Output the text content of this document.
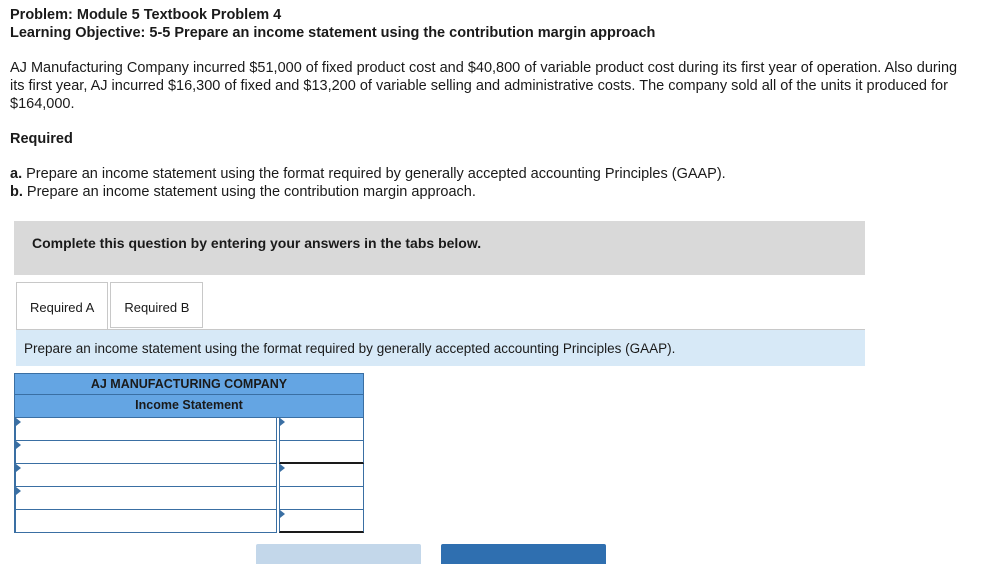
Problem: Module 5 Textbook Problem 4
Learning Objective: 5-5 Prepare an income statement using the contribution margin approach
AJ Manufacturing Company incurred $51,000 of fixed product cost and $40,800 of variable product cost during its first year of operation. Also during its first year, AJ incurred $16,300 of fixed and $13,200 of variable selling and administrative costs. The company sold all of the units it produced for $164,000.
Required
a. Prepare an income statement using the format required by generally accepted accounting Principles (GAAP).
b. Prepare an income statement using the contribution margin approach.
Complete this question by entering your answers in the tabs below.
Required A	Required B
Prepare an income statement using the format required by generally accepted accounting Principles (GAAP).
AJ MANUFACTURING COMPANY
Income Statement
